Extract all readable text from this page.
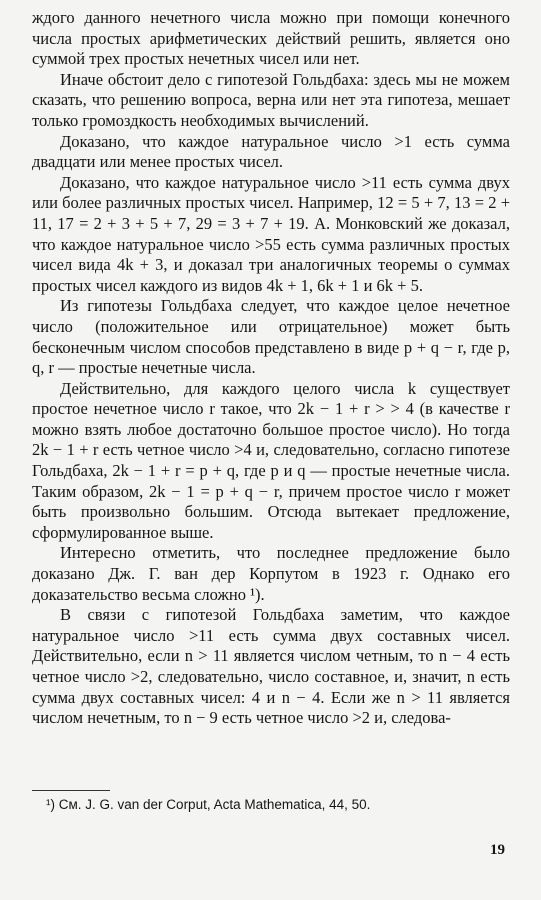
ждого данного нечетного числа можно при помощи конечного числа простых арифметических действий решить, является оно суммой трех простых нечетных чисел или нет.

Иначе обстоит дело с гипотезой Гольдбаха: здесь мы не можем сказать, что решению вопроса, верна или нет эта гипотеза, мешает только громоздкость необходимых вычислений.

Доказано, что каждое натуральное число >1 есть сумма двадцати или менее простых чисел.

Доказано, что каждое натуральное число >11 есть сумма двух или более различных простых чисел. Например, 12 = 5 + 7, 13 = 2 + 11, 17 = 2 + 3 + 5 + 7, 29 = 3 + 7 + 19. А. Монковский же доказал, что каждое натуральное число >55 есть сумма различных простых чисел вида 4k + 3, и доказал три аналогичных теоремы о суммах простых чисел каждого из видов 4k + 1, 6k + 1 и 6k + 5.

Из гипотезы Гольдбаха следует, что каждое целое нечетное число (положительное или отрицательное) может быть бесконечным числом способов представлено в виде p + q − r, где p, q, r — простые нечетные числа.

Действительно, для каждого целого числа k существует простое нечетное число r такое, что 2k − 1 + r > > 4 (в качестве r можно взять любое достаточно большое простое число). Но тогда 2k − 1 + r есть четное число >4 и, следовательно, согласно гипотезе Гольдбаха, 2k − 1 + r = p + q, где p и q — простые нечетные числа. Таким образом, 2k − 1 = p + q − r, причем простое число r может быть произвольно большим. Отсюда вытекает предложение, сформулированное выше.

Интересно отметить, что последнее предложение было доказано Дж. Г. ван дер Корпутом в 1923 г. Однако его доказательство весьма сложно ¹).

В связи с гипотезой Гольдбаха заметим, что каждое натуральное число >11 есть сумма двух составных чисел. Действительно, если n > 11 является числом четным, то n − 4 есть четное число >2, следовательно, число составное, и, значит, n есть сумма двух составных чисел: 4 и n − 4. Если же n > 11 является числом нечетным, то n − 9 есть четное число >2 и, следова-

¹) См. J. G. van der Corput, Acta Mathematica, 44, 50.
19
